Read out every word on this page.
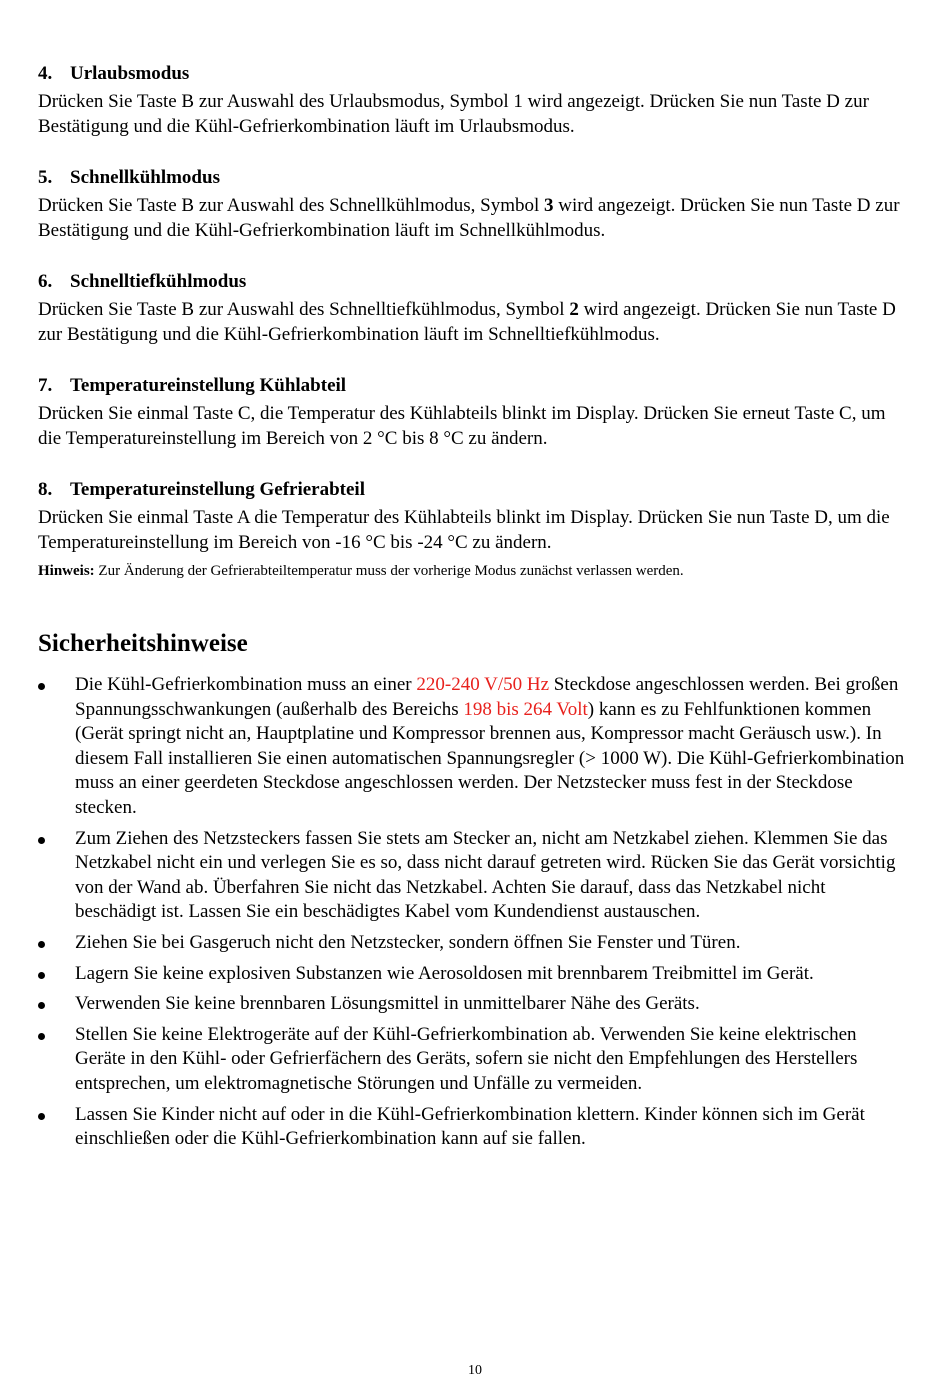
4. Urlaubsmodus

Drücken Sie Taste B zur Auswahl des Urlaubsmodus, Symbol 1 wird angezeigt. Drücken Sie nun Taste D zur Bestätigung und die Kühl-Gefrierkombination läuft im Urlaubsmodus.

5. Schnellkühlmodus

Drücken Sie Taste B zur Auswahl des Schnellkühlmodus, Symbol 3 wird angezeigt. Drücken Sie nun Taste D zur Bestätigung und die Kühl-Gefrierkombination läuft im Schnellkühlmodus.

6. Schnelltiefkühlmodus

Drücken Sie Taste B zur Auswahl des Schnelltiefkühlmodus, Symbol 2 wird angezeigt. Drücken Sie nun Taste D zur Bestätigung und die Kühl-Gefrierkombination läuft im Schnelltiefkühlmodus.

7. Temperatureinstellung Kühlabteil

Drücken Sie einmal Taste C, die Temperatur des Kühlabteils blinkt im Display. Drücken Sie erneut Taste C, um die Temperatureinstellung im Bereich von 2 °C bis 8 °C zu ändern.

8. Temperatureinstellung Gefrierabteil

Drücken Sie einmal Taste A die Temperatur des Kühlabteils blinkt im Display. Drücken Sie nun Taste D, um die Temperatureinstellung im Bereich von -16 °C bis -24 °C zu ändern.

Hinweis: Zur Änderung der Gefrierabteiltemperatur muss der vorherige Modus zunächst verlassen werden.

Sicherheitshinweise
Die Kühl-Gefrierkombination muss an einer 220-240 V/50 Hz Steckdose angeschlossen werden. Bei großen Spannungsschwankungen (außerhalb des Bereichs 198 bis 264 Volt) kann es zu Fehlfunktionen kommen (Gerät springt nicht an, Hauptplatine und Kompressor brennen aus, Kompressor macht Geräusch usw.). In diesem Fall installieren Sie einen automatischen Spannungsregler (> 1000 W). Die Kühl-Gefrierkombination muss an einer geerdeten Steckdose angeschlossen werden. Der Netzstecker muss fest in der Steckdose stecken.
Zum Ziehen des Netzsteckers fassen Sie stets am Stecker an, nicht am Netzkabel ziehen. Klemmen Sie das Netzkabel nicht ein und verlegen Sie es so, dass nicht darauf getreten wird. Rücken Sie das Gerät vorsichtig von der Wand ab. Überfahren Sie nicht das Netzkabel. Achten Sie darauf, dass das Netzkabel nicht beschädigt ist. Lassen Sie ein beschädigtes Kabel vom Kundendienst austauschen.
Ziehen Sie bei Gasgeruch nicht den Netzstecker, sondern öffnen Sie Fenster und Türen.
Lagern Sie keine explosiven Substanzen wie Aerosoldosen mit brennbarem Treibmittel im Gerät.
Verwenden Sie keine brennbaren Lösungsmittel in unmittelbarer Nähe des Geräts.
Stellen Sie keine Elektrogeräte auf der Kühl-Gefrierkombination ab. Verwenden Sie keine elektrischen Geräte in den Kühl- oder Gefrierfächern des Geräts, sofern sie nicht den Empfehlungen des Herstellers entsprechen, um elektromagnetische Störungen und Unfälle zu vermeiden.
Lassen Sie Kinder nicht auf oder in die Kühl-Gefrierkombination klettern. Kinder können sich im Gerät einschließen oder die Kühl-Gefrierkombination kann auf sie fallen.
10
